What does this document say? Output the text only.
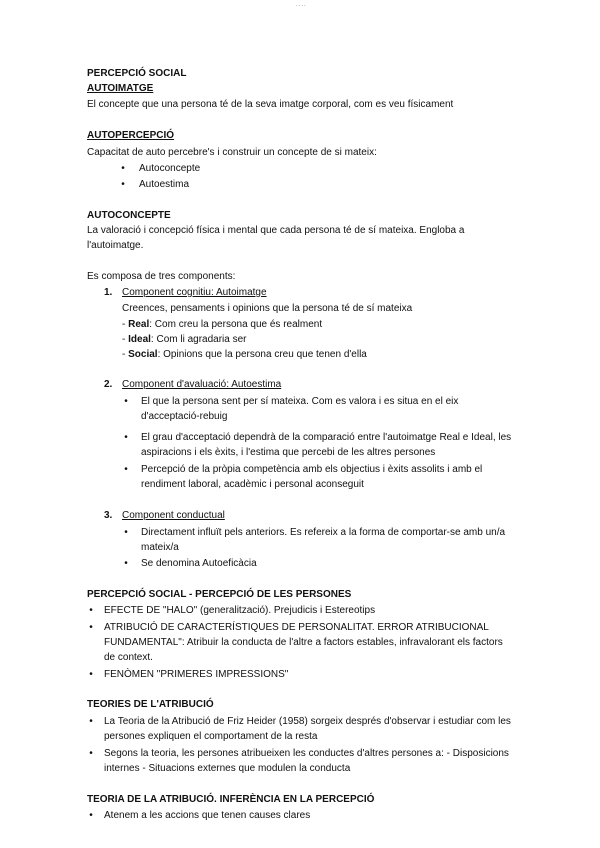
....
PERCEPCIÓ SOCIAL
AUTOIMATGE
El concepte que una persona té de la seva imatge corporal, com es veu físicament
AUTOPERCEPCIÓ
Capacitat de auto percebre's i construir un concepte de si mateix:
• Autoconcepte
• Autoestima
AUTOCONCEPTE
La valoració i concepció física i mental que cada persona té de sí mateixa. Engloba a
l'autoimatge.
Es composa de tres components:
1. Component cognitiu: Autoimatge
Creences, pensaments i opinions que la persona té de sí mateixa
- Real: Com creu la persona que és realment
- Ideal: Com li agradaria ser
- Social: Opinions que la persona creu que tenen d'ella
2. Component d'avaluació: Autoestima
• El que la persona sent per sí mateixa. Com es valora i es situa en el eix
d'acceptació-rebuig
• El grau d'acceptació dependrà de la comparació entre l'autoimatge Real e Ideal, les
aspiracions i els èxits, i l'estima que percebi de les altres persones
• Percepció de la pròpia competència amb els objectius i èxits assolits i amb el
rendiment laboral, acadèmic i personal aconseguit
3. Component conductual
• Directament influït pels anteriors. Es refereix a la forma de comportar-se amb un/a
mateix/a
• Se denomina Autoeficàcia
PERCEPCIÓ SOCIAL - PERCEPCIÓ DE LES PERSONES
• EFECTE DE "HALO" (generalització). Prejudicis i Estereotips
• ATRIBUCIÓ DE CARACTERÍSTIQUES DE PERSONALITAT. ERROR ATRIBUCIONAL
FUNDAMENTAL": Atribuir la conducta de l'altre a factors estables, infravalorant els factors
de context.
• FENÒMEN "PRIMERES IMPRESSIONS"
TEORIES DE L'ATRIBUCIÓ
• La Teoria de la Atribució de Friz Heider (1958) sorgeix després d'observar i estudiar com les
persones expliquen el comportament de la resta
• Segons la teoria, les persones atribueixen les conductes d'altres persones a: - Disposicions
internes - Situacions externes que modulen la conducta
TEORIA DE LA ATRIBUCIÓ. INFERÈNCIA EN LA PERCEPCIÓ
• Atenem a les accions que tenen causes clares
